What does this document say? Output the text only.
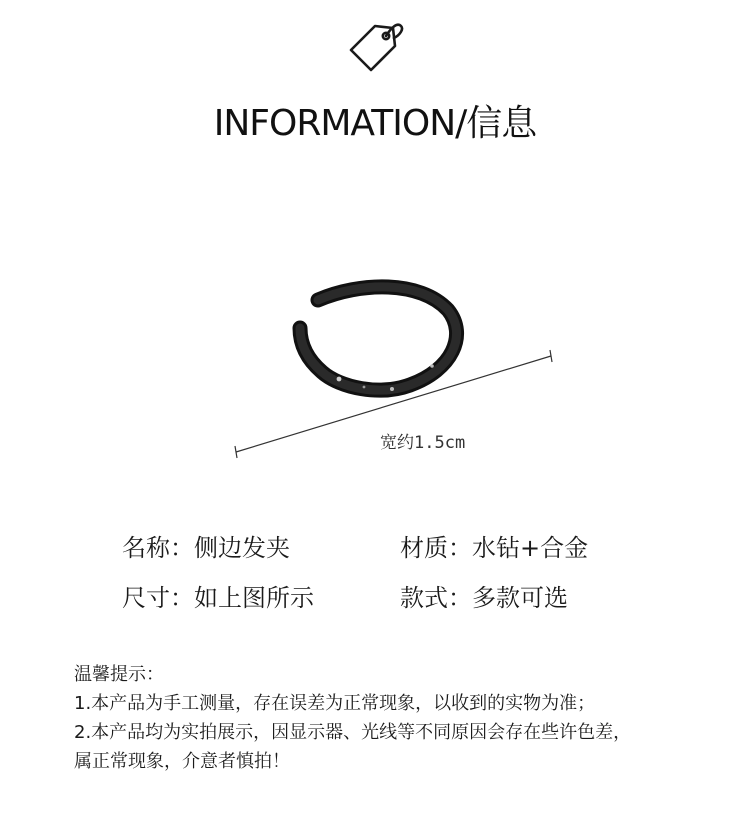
INFORMATION/信息
宽约1.5cm
名称：侧边发夹	材质：水钻+合金
尺寸：如上图所示	款式：多款可选
温馨提示：
1.本产品为手工测量，存在误差为正常现象，以收到的实物为准；
2.本产品均为实拍展示，因显示器、光线等不同原因会存在些许色差，
属正常现象，介意者慎拍！
